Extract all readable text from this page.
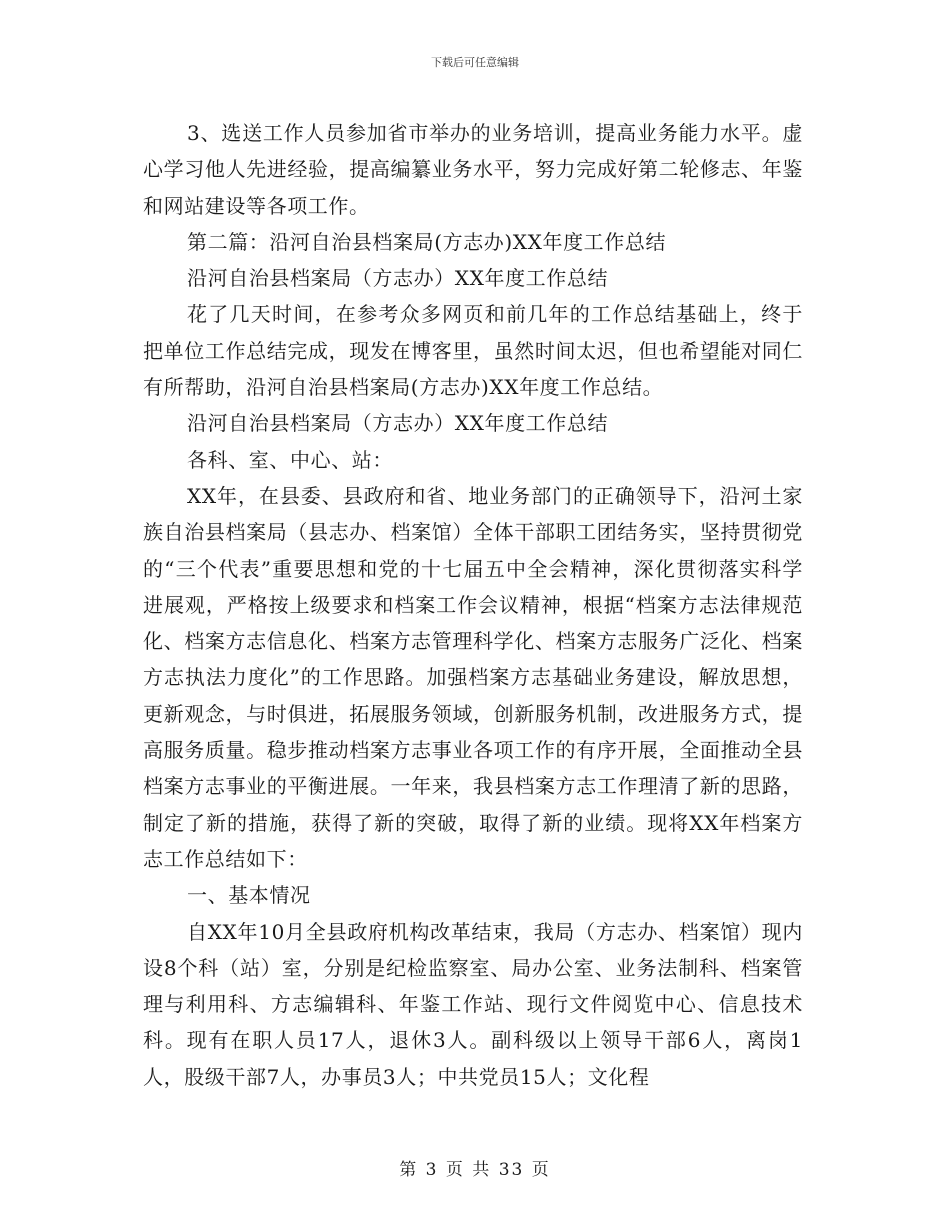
下载后可任意编辑

3、选送工作人员参加省市举办的业务培训，提高业务能力水平。虚心学习他人先进经验，提高编纂业务水平，努力完成好第二轮修志、年鉴和网站建设等各项工作。

第二篇：沿河自治县档案局(方志办)XX年度工作总结

沿河自治县档案局（方志办）XX年度工作总结

花了几天时间，在参考众多网页和前几年的工作总结基础上，终于把单位工作总结完成，现发在博客里，虽然时间太迟，但也希望能对同仁有所帮助，沿河自治县档案局(方志办)XX年度工作总结。

沿河自治县档案局（方志办）XX年度工作总结

各科、室、中心、站：

XX年，在县委、县政府和省、地业务部门的正确领导下，沿河土家族自治县档案局（县志办、档案馆）全体干部职工团结务实，坚持贯彻党的“三个代表”重要思想和党的十七届五中全会精神，深化贯彻落实科学进展观，严格按上级要求和档案工作会议精神，根据“档案方志法律规范化、档案方志信息化、档案方志管理科学化、档案方志服务广泛化、档案方志执法力度化”的工作思路。加强档案方志基础业务建设，解放思想，更新观念，与时俱进，拓展服务领域，创新服务机制，改进服务方式，提高服务质量。稳步推动档案方志事业各项工作的有序开展，全面推动全县档案方志事业的平衡进展。一年来，我县档案方志工作理清了新的思路，制定了新的措施，获得了新的突破，取得了新的业绩。现将XX年档案方志工作总结如下：

一、基本情况

自XX年10月全县政府机构改革结束，我局（方志办、档案馆）现内设8个科（站）室，分别是纪检监察室、局办公室、业务法制科、档案管理与利用科、方志编辑科、年鉴工作站、现行文件阅览中心、信息技术科。现有在职人员17人，退休3人。副科级以上领导干部6人，离岗1人，股级干部7人，办事员3人；中共党员15人；文化程

第 3 页 共 33 页
